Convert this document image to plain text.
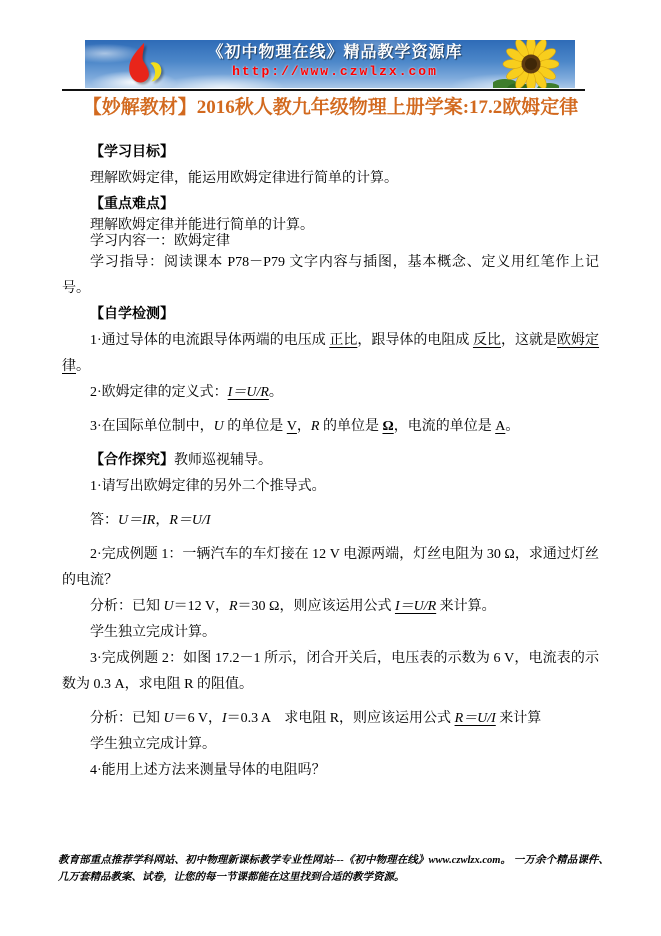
《初中物理在线》精品教学资源库
http://www.czwlzx.com
【妙解教材】2016秋人教九年级物理上册学案:17.2欧姆定律

【学习目标】

理解欧姆定律，能运用欧姆定律进行简单的计算。

【重点难点】

理解欧姆定律并能进行简单的计算。

学习内容一：欧姆定律

学习指导：阅读课本 P78－P79 文字内容与插图，基本概念、定义用红笔作上记号。

【自学检测】

1·通过导体的电流跟导体两端的电压成 正比，跟导体的电阻成 反比，这就是欧姆定律。

2·欧姆定律的定义式：I＝U/R。

3·在国际单位制中，U 的单位是 V，R 的单位是 Ω，电流的单位是 A。

【合作探究】教师巡视辅导。

1·请写出欧姆定律的另外二个推导式。

答：U＝IR，R＝U/I

2·完成例题 1：一辆汽车的车灯接在 12 V 电源两端，灯丝电阻为 30 Ω，求通过灯丝的电流？

分析：已知 U＝12 V，R＝30 Ω，则应该运用公式 I＝U/R 来计算。

学生独立完成计算。

3·完成例题 2：如图 17.2－1 所示，闭合开关后，电压表的示数为 6 V，电流表的示数为 0.3 A，求电阻 R 的阻值。

分析：已知 U＝6 V，I＝0.3 A　求电阻 R，则应该运用公式 R＝U/I 来计算

学生独立完成计算。

4·能用上述方法来测量导体的电阻吗？

教育部重点推荐学科网站、初中物理新课标教学专业性网站---《初中物理在线》www.czwlzx.com。 一万余个精品课件、几万套精品教案、试卷，让您的每一节课都能在这里找到合适的教学资源。
